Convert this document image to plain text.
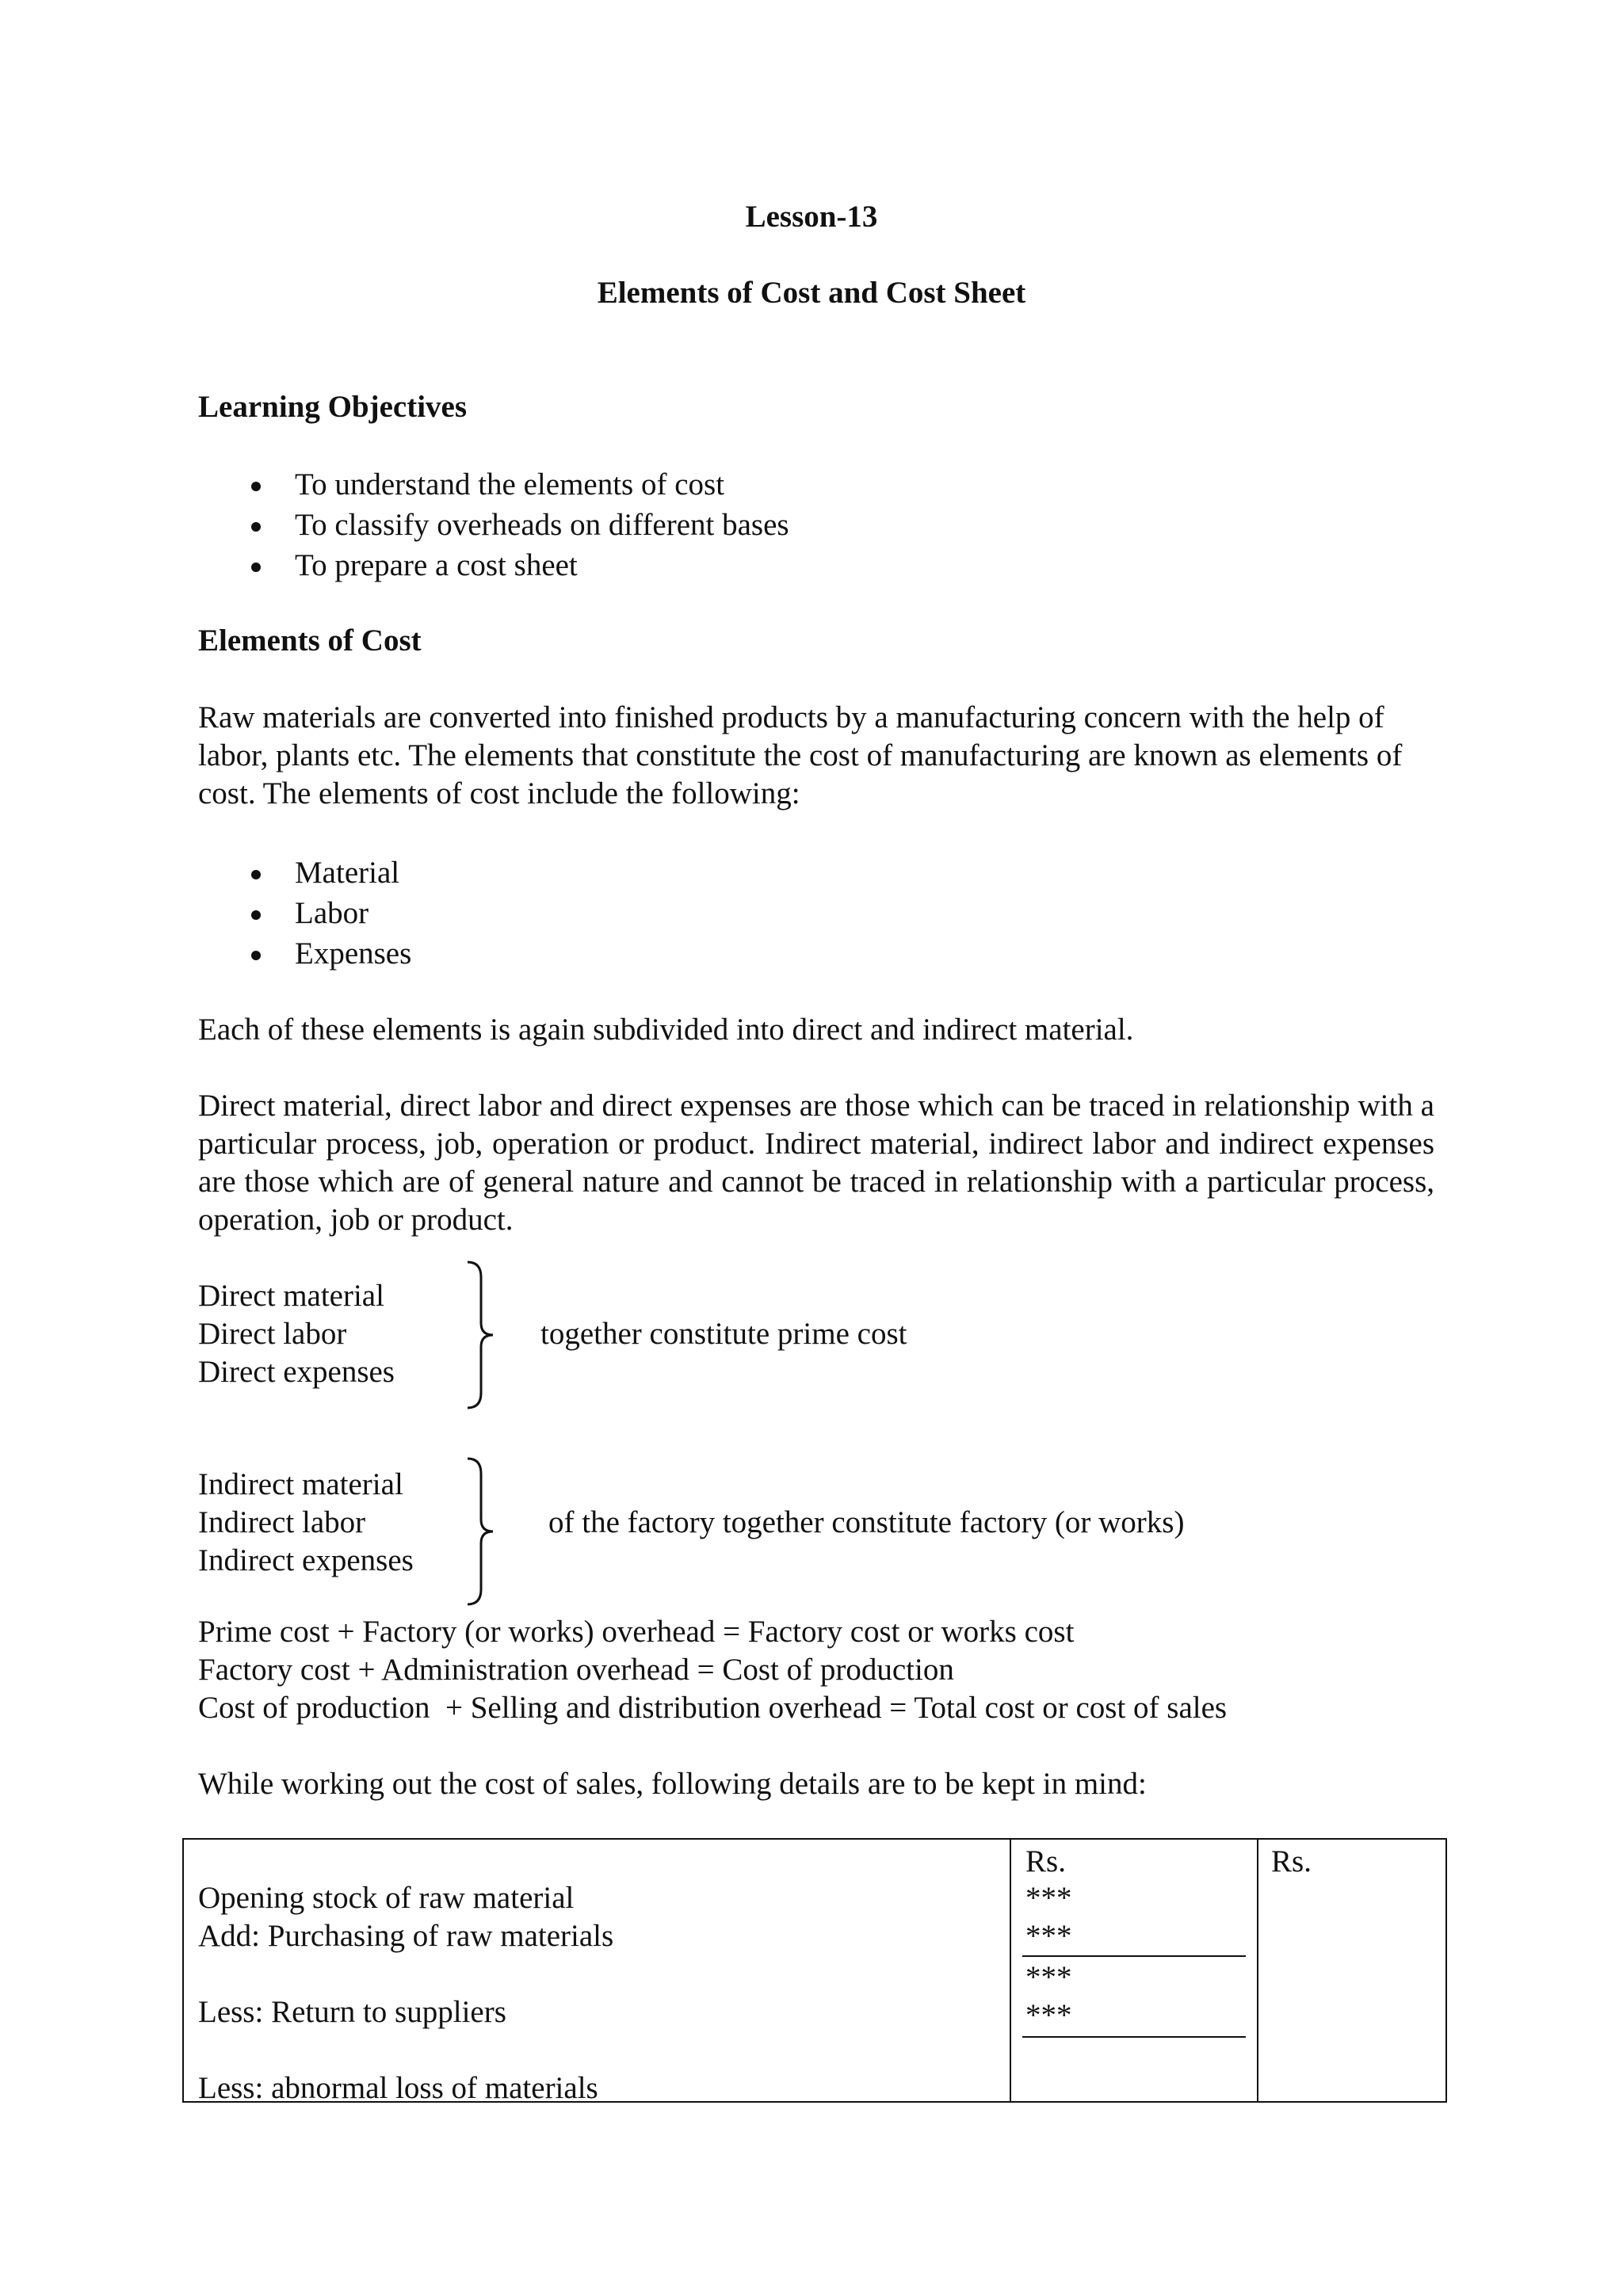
Lesson-13
Elements of Cost and Cost Sheet
Learning Objectives
To understand the elements of cost
To classify overheads on different bases
To prepare a cost sheet
Elements of Cost

Raw materials are converted into finished products by a manufacturing concern with the help of labor, plants etc. The elements that constitute the cost of manufacturing are known as elements of cost. The elements of cost include the following:

Material
Labor
Expenses

Each of these elements is again subdivided into direct and indirect material.

Direct material, direct labor and direct expenses are those which can be traced in relationship with a particular process, job, operation or product. Indirect material, indirect labor and indirect expenses are those which are of general nature and cannot be traced in relationship with a particular process, operation, job or product.

Direct material
Direct labor
Direct expenses
together constitute prime cost
Indirect material
Indirect labor
Indirect expenses
of the factory together constitute factory (or works)
Prime cost + Factory (or works) overhead = Factory cost or works cost
Factory cost + Administration overhead = Cost of production
Cost of production  + Selling and distribution overhead = Total cost or cost of sales
While working out the cost of sales, following details are to be kept in mind:
Rs.	Rs.
Opening stock of raw material
Add: Purchasing of raw materials
Less: Return to suppliers
Less: abnormal loss of materials
***
***
***
***
